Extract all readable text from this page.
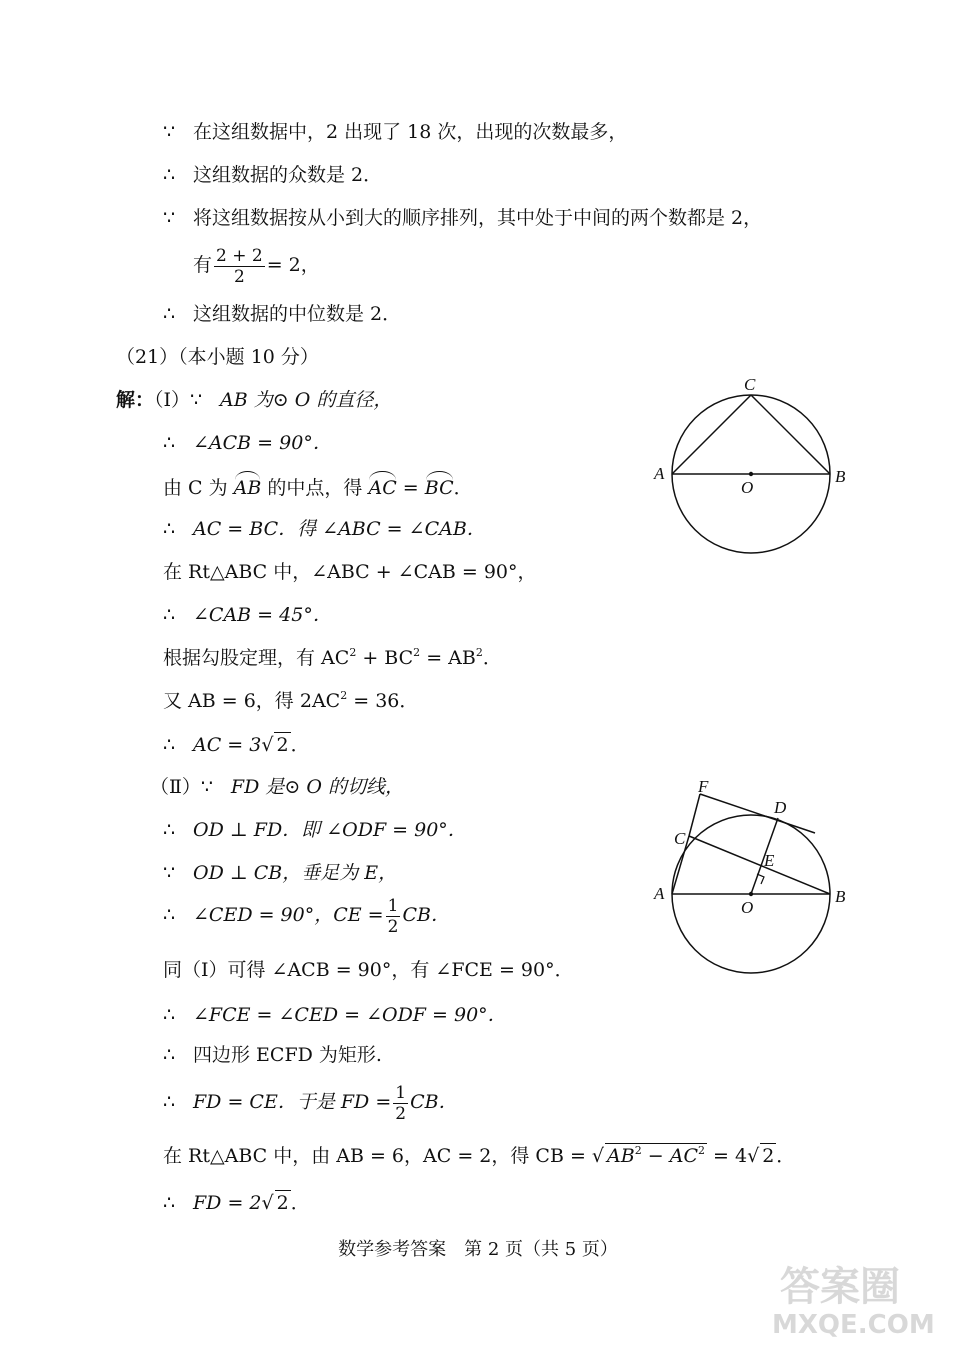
∵ 在这组数据中，2 出现了 18 次，出现的次数最多，
∴ 这组数据的众数是 2．
∵ 将这组数据按从小到大的顺序排列，其中处于中间的两个数都是 2，
有 $\frac{2 + 2}{2} = 2$，
∴ 这组数据的中位数是 2．
（21）（本小题 10 分）
解：（Ⅰ）∵ AB 为⊙ O 的直径，
∴ ∠ACB = 90°．
由 C 为 AB 的中点，得 AC = BC．
∴ AC = BC．得 ∠ABC = ∠CAB．
在 Rt△ABC 中，∠ABC + ∠CAB = 90°，
∴ ∠CAB = 45°．
根据勾股定理，有 $AC^2 + BC^2 = AB^2$．
又 AB = 6，得 $2AC^2 = 36$．
∴ AC = 3√ 2 ．
（Ⅱ）∵ FD 是⊙ O 的切线，
∴ OD ⊥ FD．即 ∠ODF = 90°．
∵ OD ⊥ CB，垂足为 E，
∴ ∠CED = 90°，CE = $\frac{1}{2}$ CB．
同（Ⅰ）可得 ∠ACB = 90°，有 ∠FCE = 90°．
∴ ∠FCE = ∠CED = ∠ODF = 90°．
∴ 四边形 ECFD 为矩形.
∴ FD = CE．于是 FD = $\frac{1}{2}$ CB．
在 Rt△ABC 中，由 AB = 6，AC = 2，得 CB = √ $AB^2 - AC^2 = 4√$ 2 ．
∴ FD = 2√ 2 ．
C
A	B
O
F
D
C
E
A	B
O
数学参考答案　第 2 页（共 5 页）
答案圈
MXQE.COM
